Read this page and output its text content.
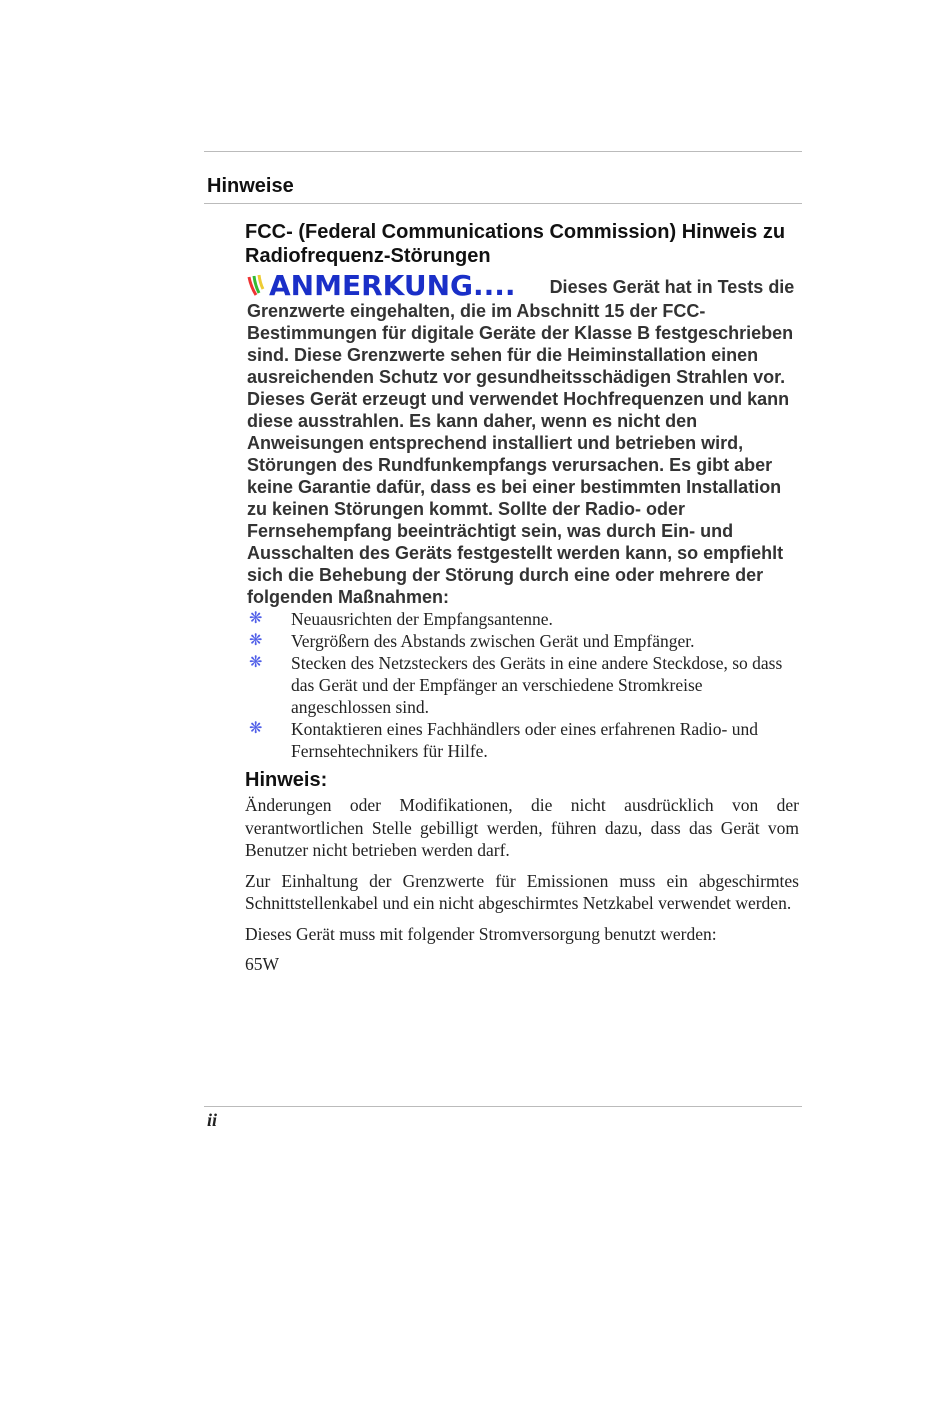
Hinweise
FCC- (Federal Communications Commission) Hinweis zu Radiofrequenz-Störungen
ANMERKUNG.... Dieses Gerät hat in Tests die Grenzwerte eingehalten, die im Abschnitt 15 der FCC-Bestimmungen für digitale Geräte der Klasse B festgeschrieben sind. Diese Grenzwerte sehen für die Heiminstallation einen ausreichenden Schutz vor gesundheitsschädigen Strahlen vor. Dieses Gerät erzeugt und verwendet Hochfrequenzen und kann diese ausstrahlen. Es kann daher, wenn es nicht den Anweisungen entsprechend installiert und betrieben wird, Störungen des Rundfunkempfangs verursachen. Es gibt aber keine Garantie dafür, dass es bei einer bestimmten Installation zu keinen Störungen kommt. Sollte der Radio- oder Fernsehempfang beeinträchtigt sein, was durch Ein- und Ausschalten des Geräts festgestellt werden kann, so empfiehlt sich die Behebung der Störung durch eine oder mehrere der folgenden Maßnahmen:
❋ Neuausrichten der Empfangsantenne.
❋ Vergrößern des Abstands zwischen Gerät und Empfänger.
❋ Stecken des Netzsteckers des Geräts in eine andere Steckdose, so dass das Gerät und der Empfänger an verschiedene Stromkreise angeschlossen sind.
❋ Kontaktieren eines Fachhändlers oder eines erfahrenen Radio- und Fernsehtechnikers für Hilfe.
Hinweis:

Änderungen oder Modifikationen, die nicht ausdrücklich von der verantwortlichen Stelle gebilligt werden, führen dazu, dass das Gerät vom Benutzer nicht betrieben werden darf.

Zur Einhaltung der Grenzwerte für Emissionen muss ein abgeschirmtes Schnittstellenkabel und ein nicht abgeschirmtes Netzkabel verwendet werden.

Dieses Gerät muss mit folgender Stromversorgung benutzt werden:

65W

ii
